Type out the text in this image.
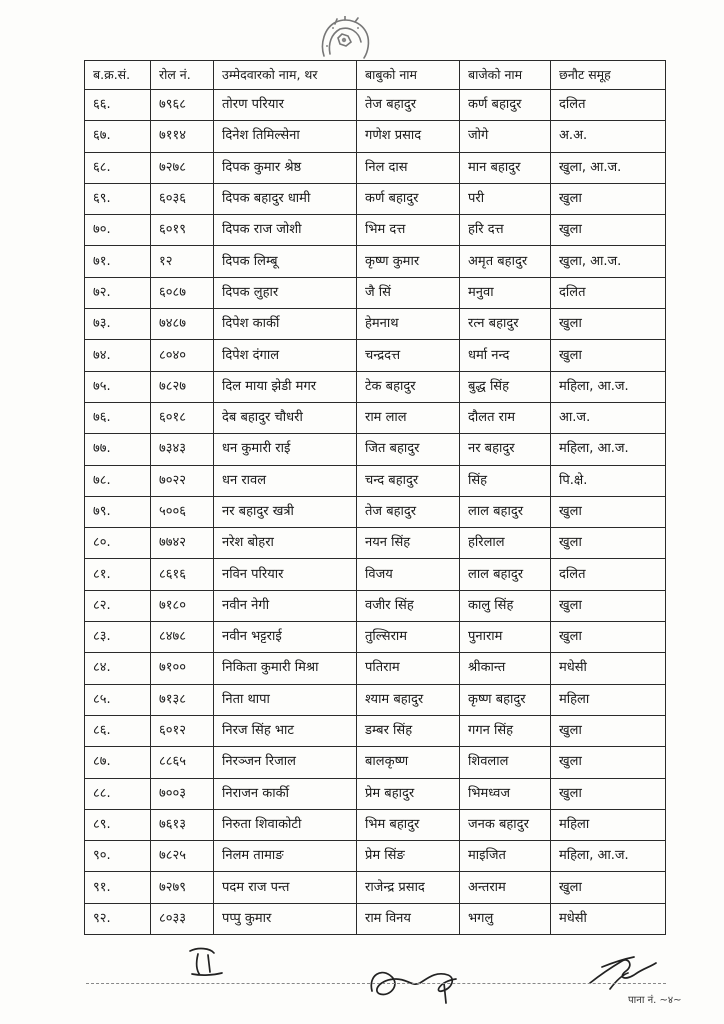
ब.क्र.सं.	रोल नं.	उम्मेदवारको नाम, थर	बाबुको नाम	बाजेको नाम	छनौट समूह
६६.	७९६८	तोरण परियार	तेज बहादुर	कर्ण बहादुर	दलित
६७.	७११४	दिनेश तिमिल्सेना	गणेश प्रसाद	जोगे	अ.अ.
६८.	७२७८	दिपक कुमार श्रेष्ठ	निल दास	मान बहादुर	खुला, आ.ज.
६९.	६०३६	दिपक बहादुर धामी	कर्ण बहादुर	परी	खुला
७०.	६०१९	दिपक राज जोशी	भिम दत्त	हरि दत्त	खुला
७१.	१२	दिपक लिम्बू	कृष्ण कुमार	अमृत बहादुर	खुला, आ.ज.
७२.	६०८७	दिपक लुहार	जै सिं	मनुवा	दलित
७३.	७४८७	दिपेश कार्की	हेमनाथ	रत्न बहादुर	खुला
७४.	८०४०	दिपेश दंगाल	चन्द्रदत्त	धर्मा नन्द	खुला
७५.	७८२७	दिल माया झेडी मगर	टेक बहादुर	बुद्ध सिंह	महिला, आ.ज.
७६.	६०१८	देब बहादुर चौधरी	राम लाल	दौलत राम	आ.ज.
७७.	७३४३	धन कुमारी राई	जित बहादुर	नर बहादुर	महिला, आ.ज.
७८.	७०२२	धन रावल	चन्द बहादुर	सिंह	पि.क्षे.
७९.	५००६	नर बहादुर खत्री	तेज बहादुर	लाल बहादुर	खुला
८०.	७७४२	नरेश बोहरा	नयन सिंह	हरिलाल	खुला
८१.	८६१६	नविन परियार	विजय	लाल बहादुर	दलित
८२.	७१८०	नवीन नेगी	वजीर सिंह	कालु सिंह	खुला
८३.	८४७८	नवीन भट्टराई	तुल्सिराम	पुनाराम	खुला
८४.	७१००	निकिता कुमारी मिश्रा	पतिराम	श्रीकान्त	मधेसी
८५.	७१३८	निता थापा	श्याम बहादुर	कृष्ण बहादुर	महिला
८६.	६०१२	निरज सिंह भाट	डम्बर सिंह	गगन सिंह	खुला
८७.	८८६५	निरञ्जन रिजाल	बालकृष्ण	शिवलाल	खुला
८८.	७००३	निराजन कार्की	प्रेम बहादुर	भिमध्वज	खुला
८९.	७६१३	निरुता शिवाकोटी	भिम बहादुर	जनक बहादुर	महिला
९०.	७८२५	निलम तामाङ	प्रेम सिंङ	माइजित	महिला, आ.ज.
९१.	७२७९	पदम राज पन्त	राजेन्द्र प्रसाद	अन्तराम	खुला
९२.	८०३३	पप्पु कुमार	राम विनय	भगलु	मधेसी
पाना नं. ~४~
